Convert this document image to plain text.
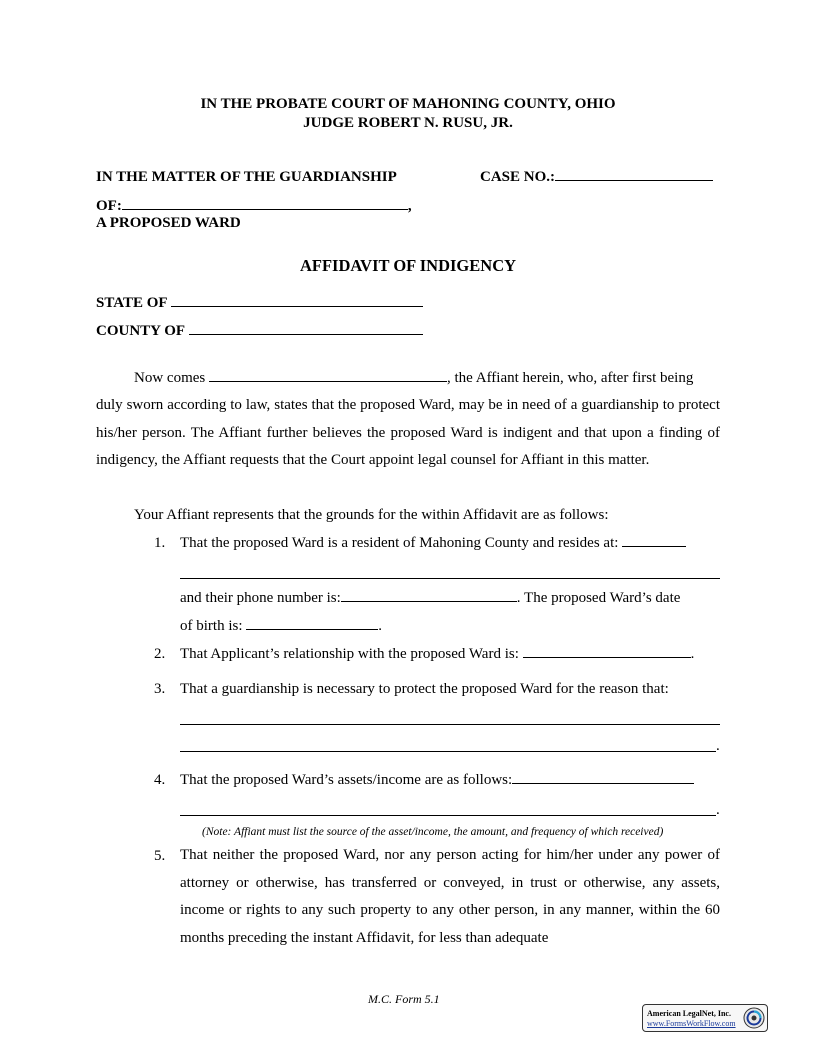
IN THE PROBATE COURT OF MAHONING COUNTY, OHIO
JUDGE ROBERT N. RUSU, JR.
IN THE MATTER OF THE GUARDIANSHIP	CASE NO.:
OF:	,
A PROPOSED WARD
AFFIDAVIT OF INDIGENCY
STATE OF
COUNTY OF
Now comes	, the Affiant herein, who, after first being
duly sworn according to law, states that the proposed Ward, may be in need of a guardianship to protect his/her person. The Affiant further believes the proposed Ward is indigent and that upon a finding of indigency, the Affiant requests that the Court appoint legal counsel for Affiant in this matter.
Your Affiant represents that the grounds for the within Affidavit are as follows:
1. That the proposed Ward is a resident of Mahoning County and resides at:
and their phone number is:	. The proposed Ward’s date
of birth is:	.
2. That Applicant’s relationship with the proposed Ward is:	.
3. That a guardianship is necessary to protect the proposed Ward for the reason that:
.
4. That the proposed Ward’s assets/income are as follows:
.
(Note: Affiant must list the source of the asset/income, the amount, and frequency of which received)
5. That neither the proposed Ward, nor any person acting for him/her under any power of attorney or otherwise, has transferred or conveyed, in trust or otherwise, any assets, income or rights to any such property to any other person, in any manner, within the 60 months preceding the instant Affidavit, for less than adequate
M.C. Form 5.1
American LegalNet, Inc.
www.FormsWorkFlow.com
